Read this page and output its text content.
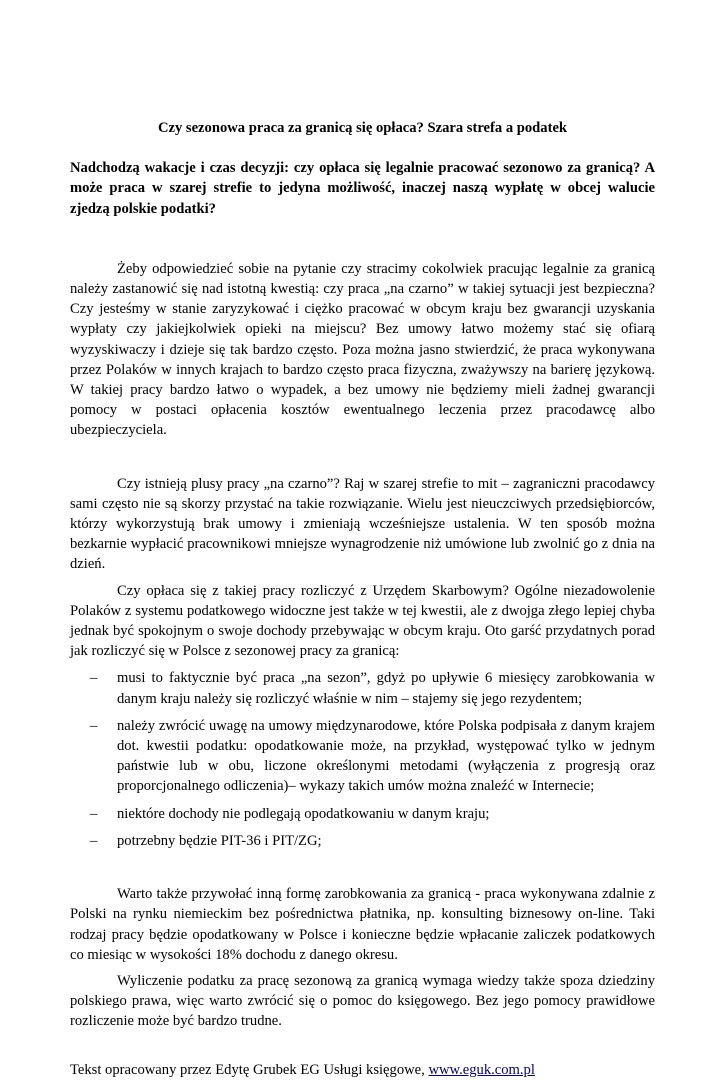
Czy sezonowa praca za granicą się opłaca? Szara strefa a podatek
Nadchodzą wakacje i czas decyzji: czy opłaca się legalnie pracować sezonowo za granicą? A może praca w szarej strefie to jedyna możliwość, inaczej naszą wypłatę w obcej walucie zjedzą polskie podatki?

Żeby odpowiedzieć sobie na pytanie czy stracimy cokolwiek pracując legalnie za granicą należy zastanowić się nad istotną kwestią: czy praca „na czarno” w takiej sytuacji jest bezpieczna? Czy jesteśmy w stanie zaryzykować i ciężko pracować w obcym kraju bez gwarancji uzyskania wypłaty czy jakiejkolwiek opieki na miejscu? Bez umowy łatwo możemy stać się ofiarą wyzyskiwaczy i dzieje się tak bardzo często. Poza można jasno stwierdzić, że praca wykonywana przez Polaków w innych krajach to bardzo często praca fizyczna, zważywszy na barierę językową. W takiej pracy bardzo łatwo o wypadek, a bez umowy nie będziemy mieli żadnej gwarancji pomocy w postaci opłacenia kosztów ewentualnego leczenia przez pracodawcę albo ubezpieczyciela.

Czy istnieją plusy pracy „na czarno”? Raj w szarej strefie to mit – zagraniczni pracodawcy sami często nie są skorzy przystać na takie rozwiązanie. Wielu jest nieuczciwych przedsiębiorców, którzy wykorzystują brak umowy i zmieniają wcześniejsze ustalenia. W ten sposób można bezkarnie wypłacić pracownikowi mniejsze wynagrodzenie niż umówione lub zwolnić go z dnia na dzień.

Czy opłaca się z takiej pracy rozliczyć z Urzędem Skarbowym? Ogólne niezadowolenie Polaków z systemu podatkowego widoczne jest także w tej kwestii, ale z dwojga złego lepiej chyba jednak być spokojnym o swoje dochody przebywając w obcym kraju. Oto garść przydatnych porad jak rozliczyć się w Polsce z sezonowej pracy za granicą:

– musi to faktycznie być praca „na sezon”, gdyż po upływie 6 miesięcy zarobkowania w danym kraju należy się rozliczyć właśnie w nim – stajemy się jego rezydentem;
– należy zwrócić uwagę na umowy międzynarodowe, które Polska podpisała z danym krajem dot. kwestii podatku: opodatkowanie może, na przykład, występować tylko w jednym państwie lub w obu, liczone określonymi metodami (wyłączenia z progresją oraz proporcjonalnego odliczenia)– wykazy takich umów można znaleźć w Internecie;
– niektóre dochody nie podlegają opodatkowaniu w danym kraju;
– potrzebny będzie PIT-36 i PIT/ZG;

Warto także przywołać inną formę zarobkowania za granicą - praca wykonywana zdalnie z Polski na rynku niemieckim bez pośrednictwa płatnika, np. konsulting biznesowy on-line. Taki rodzaj pracy będzie opodatkowany w Polsce i konieczne będzie wpłacanie zaliczek podatkowych co miesiąc w wysokości 18% dochodu z danego okresu.

Wyliczenie podatku za pracę sezonową za granicą wymaga wiedzy także spoza dziedziny polskiego prawa, więc warto zwrócić się o pomoc do księgowego. Bez jego pomocy prawidłowe rozliczenie może być bardzo trudne.

Tekst opracowany przez Edytę Grubek EG Usługi księgowe, www.eguk.com.pl
